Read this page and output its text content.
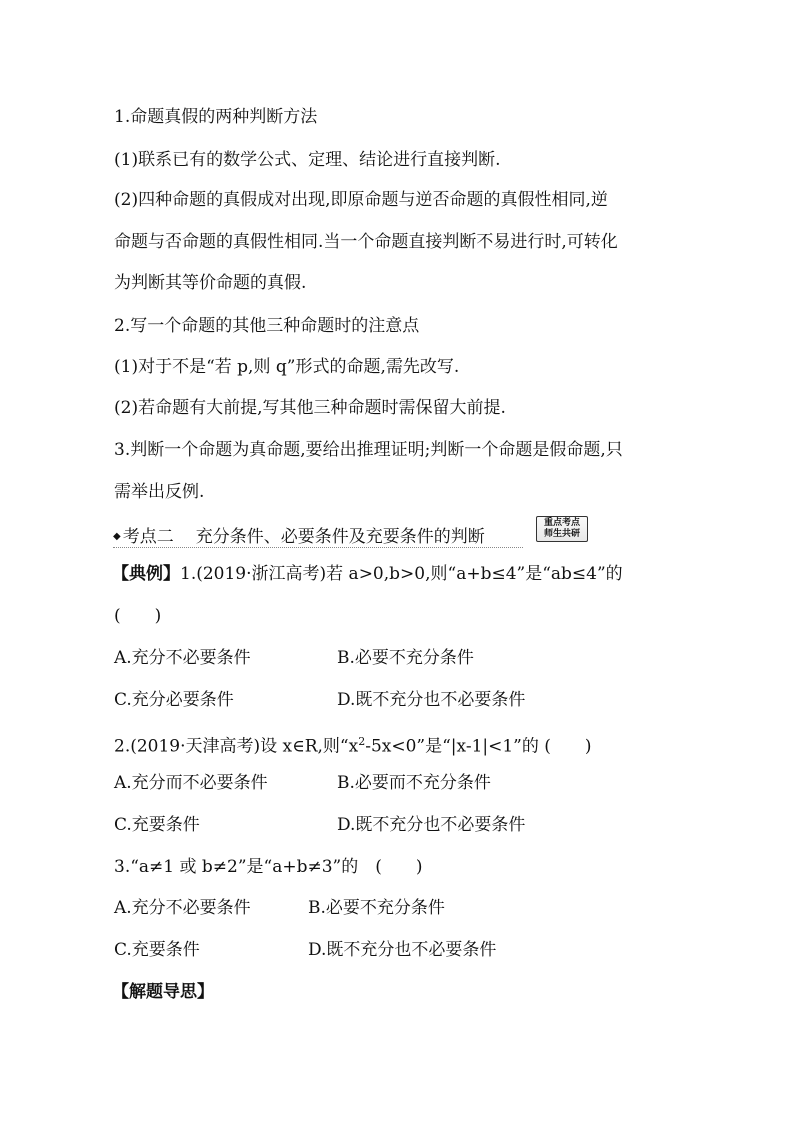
1.命题真假的两种判断方法
(1)联系已有的数学公式、定理、结论进行直接判断.
(2)四种命题的真假成对出现,即原命题与逆否命题的真假性相同,逆
命题与否命题的真假性相同.当一个命题直接判断不易进行时,可转化
为判断其等价命题的真假.
2.写一个命题的其他三种命题时的注意点
(1)对于不是“若 p,则 q”形式的命题,需先改写.
(2)若命题有大前提,写其他三种命题时需保留大前提.
3.判断一个命题为真命题,要给出推理证明;判断一个命题是假命题,只
需举出反例.
◆ 考点二 充分条件、必要条件及充要条件的判断
重点考点
师生共研
【典例】1.(2019·浙江高考)若 a>0,b>0,则“a+b≤4”是“ab≤4”的
(　　)
A.充分不必要条件	B.必要不充分条件
C.充分必要条件	D.既不充分也不必要条件
2.(2019·天津高考)设 x∈R,则“$x^2-5x<0$”是“|x-1|<1”的 (　　)
A.充分而不必要条件	B.必要而不充分条件
C.充要条件	D.既不充分也不必要条件
3.“a≠1 或 b≠2”是“a+b≠3”的　(　　)
A.充分不必要条件	B.必要不充分条件
C.充要条件	D.既不充分也不必要条件
【解题导思】
